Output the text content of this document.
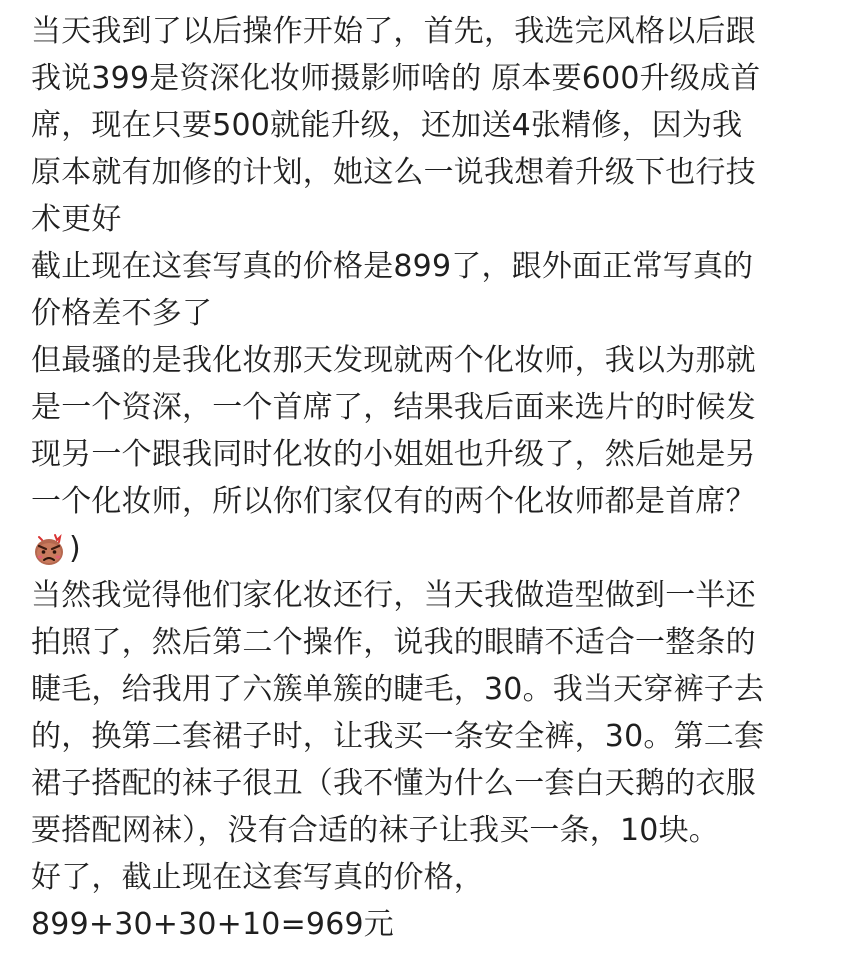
当天我到了以后操作开始了，首先，我选完风格以后跟
我说399是资深化妆师摄影师啥的 原本要600升级成首
席，现在只要500就能升级，还加送4张精修，因为我
原本就有加修的计划，她这么一说我想着升级下也行技
术更好
截止现在这套写真的价格是899了，跟外面正常写真的
价格差不多了
但最骚的是我化妆那天发现就两个化妆师，我以为那就
是一个资深，一个首席了，结果我后面来选片的时候发
现另一个跟我同时化妆的小姐姐也升级了，然后她是另
一个化妆师，所以你们家仅有的两个化妆师都是首席？
)
当然我觉得他们家化妆还行，当天我做造型做到一半还
拍照了，然后第二个操作，说我的眼睛不适合一整条的
睫毛，给我用了六簇单簇的睫毛，30。我当天穿裤子去
的，换第二套裙子时，让我买一条安全裤，30。第二套
裙子搭配的袜子很丑（我不懂为什么一套白天鹅的衣服
要搭配网袜），没有合适的袜子让我买一条，10块。
好了，截止现在这套写真的价格，
899+30+30+10=969元
